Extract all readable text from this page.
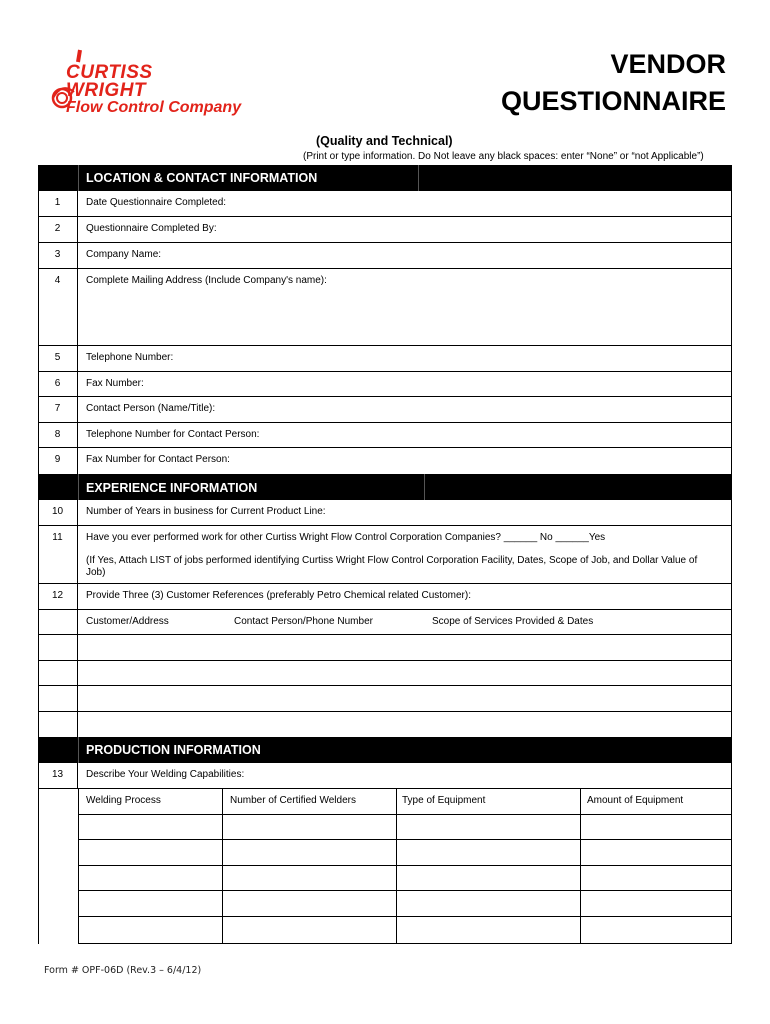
CURTISS
WRIGHT
Flow Control Company
VENDOR
QUESTIONNAIRE
(Quality and Technical)
(Print or type information. Do Not leave any black spaces: enter “None” or “not Applicable”)
LOCATION & CONTACT INFORMATION
1	Date Questionnaire Completed:
2	Questionnaire Completed By:
3	Company Name:
4	Complete Mailing Address (Include Company's name):
5	Telephone Number:
6	Fax Number:
7	Contact Person (Name/Title):
8	Telephone Number for Contact Person:
9	Fax Number for Contact Person:
EXPERIENCE INFORMATION
10	Number of Years in business for Current Product Line:
11	Have you ever performed work for other Curtiss Wright Flow Control Corporation Companies? ______ No ______Yes
(If Yes, Attach LIST of jobs performed identifying Curtiss Wright Flow Control Corporation Facility, Dates, Scope of Job, and Dollar Value of
Job)
12	Provide Three (3) Customer References (preferably Petro Chemical related Customer):
Customer/Address	Contact Person/Phone Number	Scope of Services Provided & Dates
PRODUCTION INFORMATION
13	Describe Your Welding Capabilities:
Welding Process	Number of Certified Welders	Type of Equipment	Amount of Equipment
Form # OPF-06D (Rev.3 – 6/4/12)
